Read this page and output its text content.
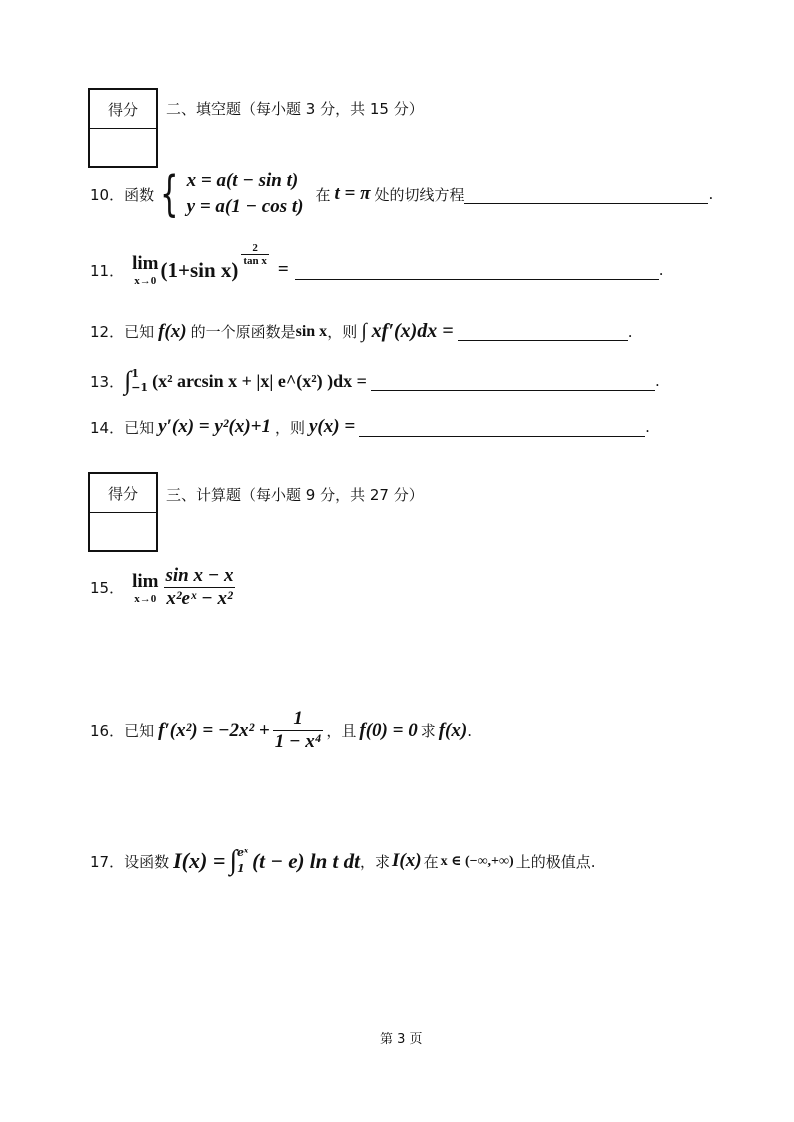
得分	二、填空题（每小题 3 分，共 15 分）
10． 函数 { x = a(t − sin t)
y = a(1 − cos t)
在 t = π 处的切线方程	.
11． lim
x→0 (1+sin x)
$\frac{2}{\text{tan x}}$
=	.
12． 已知 f(x) 的一个原函数是 sin x ，则 ∫ xf′(x)dx =	.
13． ∫ 1
−1 (x² arcsin x + |x| e^(x²) )dx =	.
14． 已知 y′(x) = y²(x)+1 ，则 y(x) =	.
得分	三、计算题（每小题 9 分，共 27 分）
15． lim
$x\to 0 \frac{\text{sin x − x}}{\text{x²eˣ − x²}}$
16． 已知 $f'(x^2) = -2x^2 + \frac{1}{\text{1 − x⁴}}$ ，且 f(0) = 0 求 f(x) .
17． 设函数 I(x) = ∫ eˣ
1 (t − e) ln t dt ，求 I(x) 在 x ∈ (−∞,+∞) 上的极值点.
第 3 页
